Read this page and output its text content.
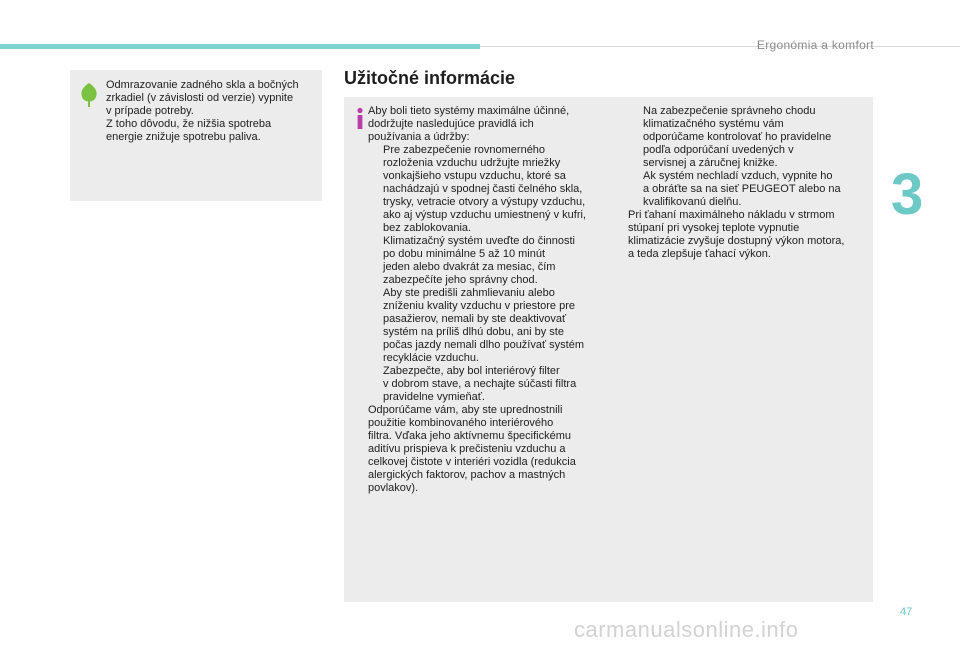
Ergonómia a komfort
3
47
Odmrazovanie zadného skla a bočných
zrkadiel (v závislosti od verzie) vypnite
v prípade potreby.
Z toho dôvodu, že nižšia spotreba
energie znižuje spotrebu paliva.
Užitočné informácie
Aby boli tieto systémy maximálne účinné,
dodržujte nasledujúce pravidlá ich
používania a údržby:
Pre zabezpečenie rovnomerného
rozloženia vzduchu udržujte mriežky
vonkajšieho vstupu vzduchu, ktoré sa
nachádzajú v spodnej časti čelného skla,
trysky, vetracie otvory a výstupy vzduchu,
ako aj výstup vzduchu umiestnený v kufri,
bez zablokovania.
Klimatizačný systém uveďte do činnosti
po dobu minimálne 5 až 10 minút
jeden alebo dvakrát za mesiac, čím
zabezpečíte jeho správny chod.
Aby ste predišli zahmlievaniu alebo
zníženiu kvality vzduchu v priestore pre
pasažierov, nemali by ste deaktivovať
systém na príliš dlhú dobu, ani by ste
počas jazdy nemali dlho používať systém
recyklácie vzduchu.
Zabezpečte, aby bol interiérový filter
v dobrom stave, a nechajte súčasti filtra
pravidelne vymieňať.
Odporúčame vám, aby ste uprednostnili
použitie kombinovaného interiérového
filtra. Vďaka jeho aktívnemu špecifickému
aditívu prispieva k prečisteniu vzduchu a
celkovej čistote v interiéri vozidla (redukcia
alergických faktorov, pachov a mastných
povlakov).
Na zabezpečenie správneho chodu
klimatizačného systému vám
odporúčame kontrolovať ho pravidelne
podľa odporúčaní uvedených v
servisnej a záručnej knižke.
Ak systém nechladí vzduch, vypnite ho
a obráťte sa na sieť PEUGEOT alebo na
kvalifikovanú dielňu.
Pri ťahaní maximálneho nákladu v strmom
stúpaní pri vysokej teplote vypnutie
klimatizácie zvyšuje dostupný výkon motora,
a teda zlepšuje ťahací výkon.
carmanualsonline.info
